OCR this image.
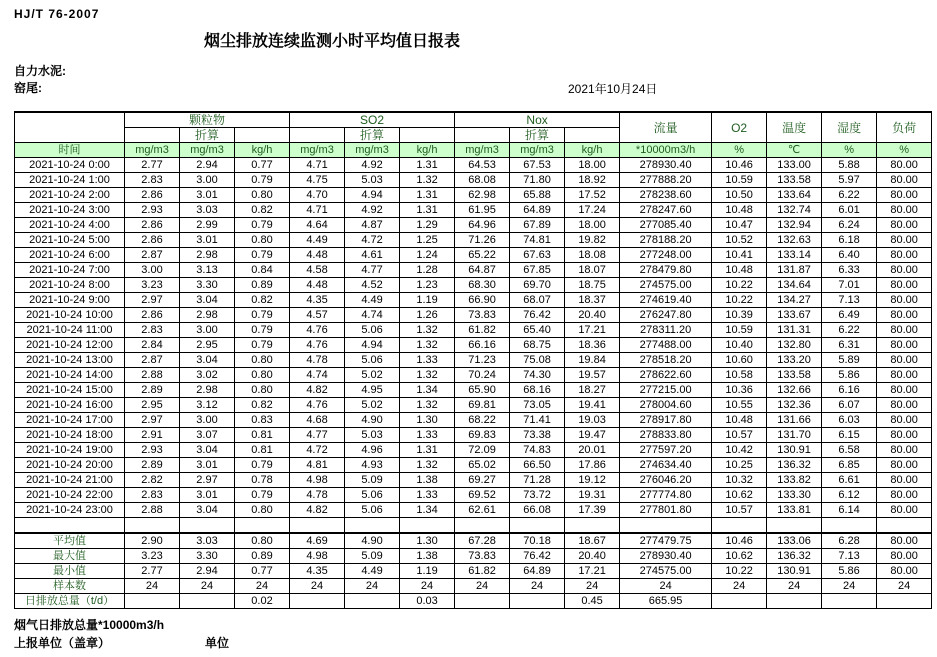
HJ/T 76-2007
烟尘排放连续监测小时平均值日报表
自力水泥:
窑尾:	2021年10月24日
	颗粒物			SO2			Nox			流量	O2	温度	湿度	负荷
		折算			折算			折算						
时间	mg/m3	mg/m3	kg/h	mg/m3	mg/m3	kg/h	mg/m3	mg/m3	kg/h	*10000m3/h	%	℃	%	%
2021-10-24 0:00	2.77	2.94	0.77	4.71	4.92	1.31	64.53	67.53	18.00	278930.40	10.46	133.00	5.88	80.00
2021-10-24 1:00	2.83	3.00	0.79	4.75	5.03	1.32	68.08	71.80	18.92	277888.20	10.59	133.58	5.97	80.00
2021-10-24 2:00	2.86	3.01	0.80	4.70	4.94	1.31	62.98	65.88	17.52	278238.60	10.50	133.64	6.22	80.00
2021-10-24 3:00	2.93	3.03	0.82	4.71	4.92	1.31	61.95	64.89	17.24	278247.60	10.48	132.74	6.01	80.00
2021-10-24 4:00	2.86	2.99	0.79	4.64	4.87	1.29	64.96	67.89	18.00	277085.40	10.47	132.94	6.24	80.00
2021-10-24 5:00	2.86	3.01	0.80	4.49	4.72	1.25	71.26	74.81	19.82	278188.20	10.52	132.63	6.18	80.00
2021-10-24 6:00	2.87	2.98	0.79	4.48	4.61	1.24	65.22	67.63	18.08	277248.00	10.41	133.14	6.40	80.00
2021-10-24 7:00	3.00	3.13	0.84	4.58	4.77	1.28	64.87	67.85	18.07	278479.80	10.48	131.87	6.33	80.00
2021-10-24 8:00	3.23	3.30	0.89	4.48	4.52	1.23	68.30	69.70	18.75	274575.00	10.22	134.64	7.01	80.00
2021-10-24 9:00	2.97	3.04	0.82	4.35	4.49	1.19	66.90	68.07	18.37	274619.40	10.22	134.27	7.13	80.00
2021-10-24 10:00	2.86	2.98	0.79	4.57	4.74	1.26	73.83	76.42	20.40	276247.80	10.39	133.67	6.49	80.00
2021-10-24 11:00	2.83	3.00	0.79	4.76	5.06	1.32	61.82	65.40	17.21	278311.20	10.59	131.31	6.22	80.00
2021-10-24 12:00	2.84	2.95	0.79	4.76	4.94	1.32	66.16	68.75	18.36	277488.00	10.40	132.80	6.31	80.00
2021-10-24 13:00	2.87	3.04	0.80	4.78	5.06	1.33	71.23	75.08	19.84	278518.20	10.60	133.20	5.89	80.00
2021-10-24 14:00	2.88	3.02	0.80	4.74	5.02	1.32	70.24	74.30	19.57	278622.60	10.58	133.58	5.86	80.00
2021-10-24 15:00	2.89	2.98	0.80	4.82	4.95	1.34	65.90	68.16	18.27	277215.00	10.36	132.66	6.16	80.00
2021-10-24 16:00	2.95	3.12	0.82	4.76	5.02	1.32	69.81	73.05	19.41	278004.60	10.55	132.36	6.07	80.00
2021-10-24 17:00	2.97	3.00	0.83	4.68	4.90	1.30	68.22	71.41	19.03	278917.80	10.48	131.66	6.03	80.00
2021-10-24 18:00	2.91	3.07	0.81	4.77	5.03	1.33	69.83	73.38	19.47	278833.80	10.57	131.70	6.15	80.00
2021-10-24 19:00	2.93	3.04	0.81	4.72	4.96	1.31	72.09	74.83	20.01	277597.20	10.42	130.91	6.58	80.00
2021-10-24 20:00	2.89	3.01	0.79	4.81	4.93	1.32	65.02	66.50	17.86	274634.40	10.25	136.32	6.85	80.00
2021-10-24 21:00	2.82	2.97	0.78	4.98	5.09	1.38	69.27	71.28	19.12	276046.20	10.32	133.82	6.61	80.00
2021-10-24 22:00	2.83	3.01	0.79	4.78	5.06	1.33	69.52	73.72	19.31	277774.80	10.62	133.30	6.12	80.00
2021-10-24 23:00	2.88	3.04	0.80	4.82	5.06	1.34	62.61	66.08	17.39	277801.80	10.57	133.81	6.14	80.00

平均值	2.90	3.03	0.80	4.69	4.90	1.30	67.28	70.18	18.67	277479.75	10.46	133.06	6.28	80.00
最大值	3.23	3.30	0.89	4.98	5.09	1.38	73.83	76.42	20.40	278930.40	10.62	136.32	7.13	80.00
最小值	2.77	2.94	0.77	4.35	4.49	1.19	61.82	64.89	17.21	274575.00	10.22	130.91	5.86	80.00
样本数	24	24	24	24	24	24	24	24	24	24	24	24	24	24
日排放总量（t/d）			0.02			0.03			0.45	665.95				
烟气日排放总量*10000m3/h
上报单位（盖章）	单位
